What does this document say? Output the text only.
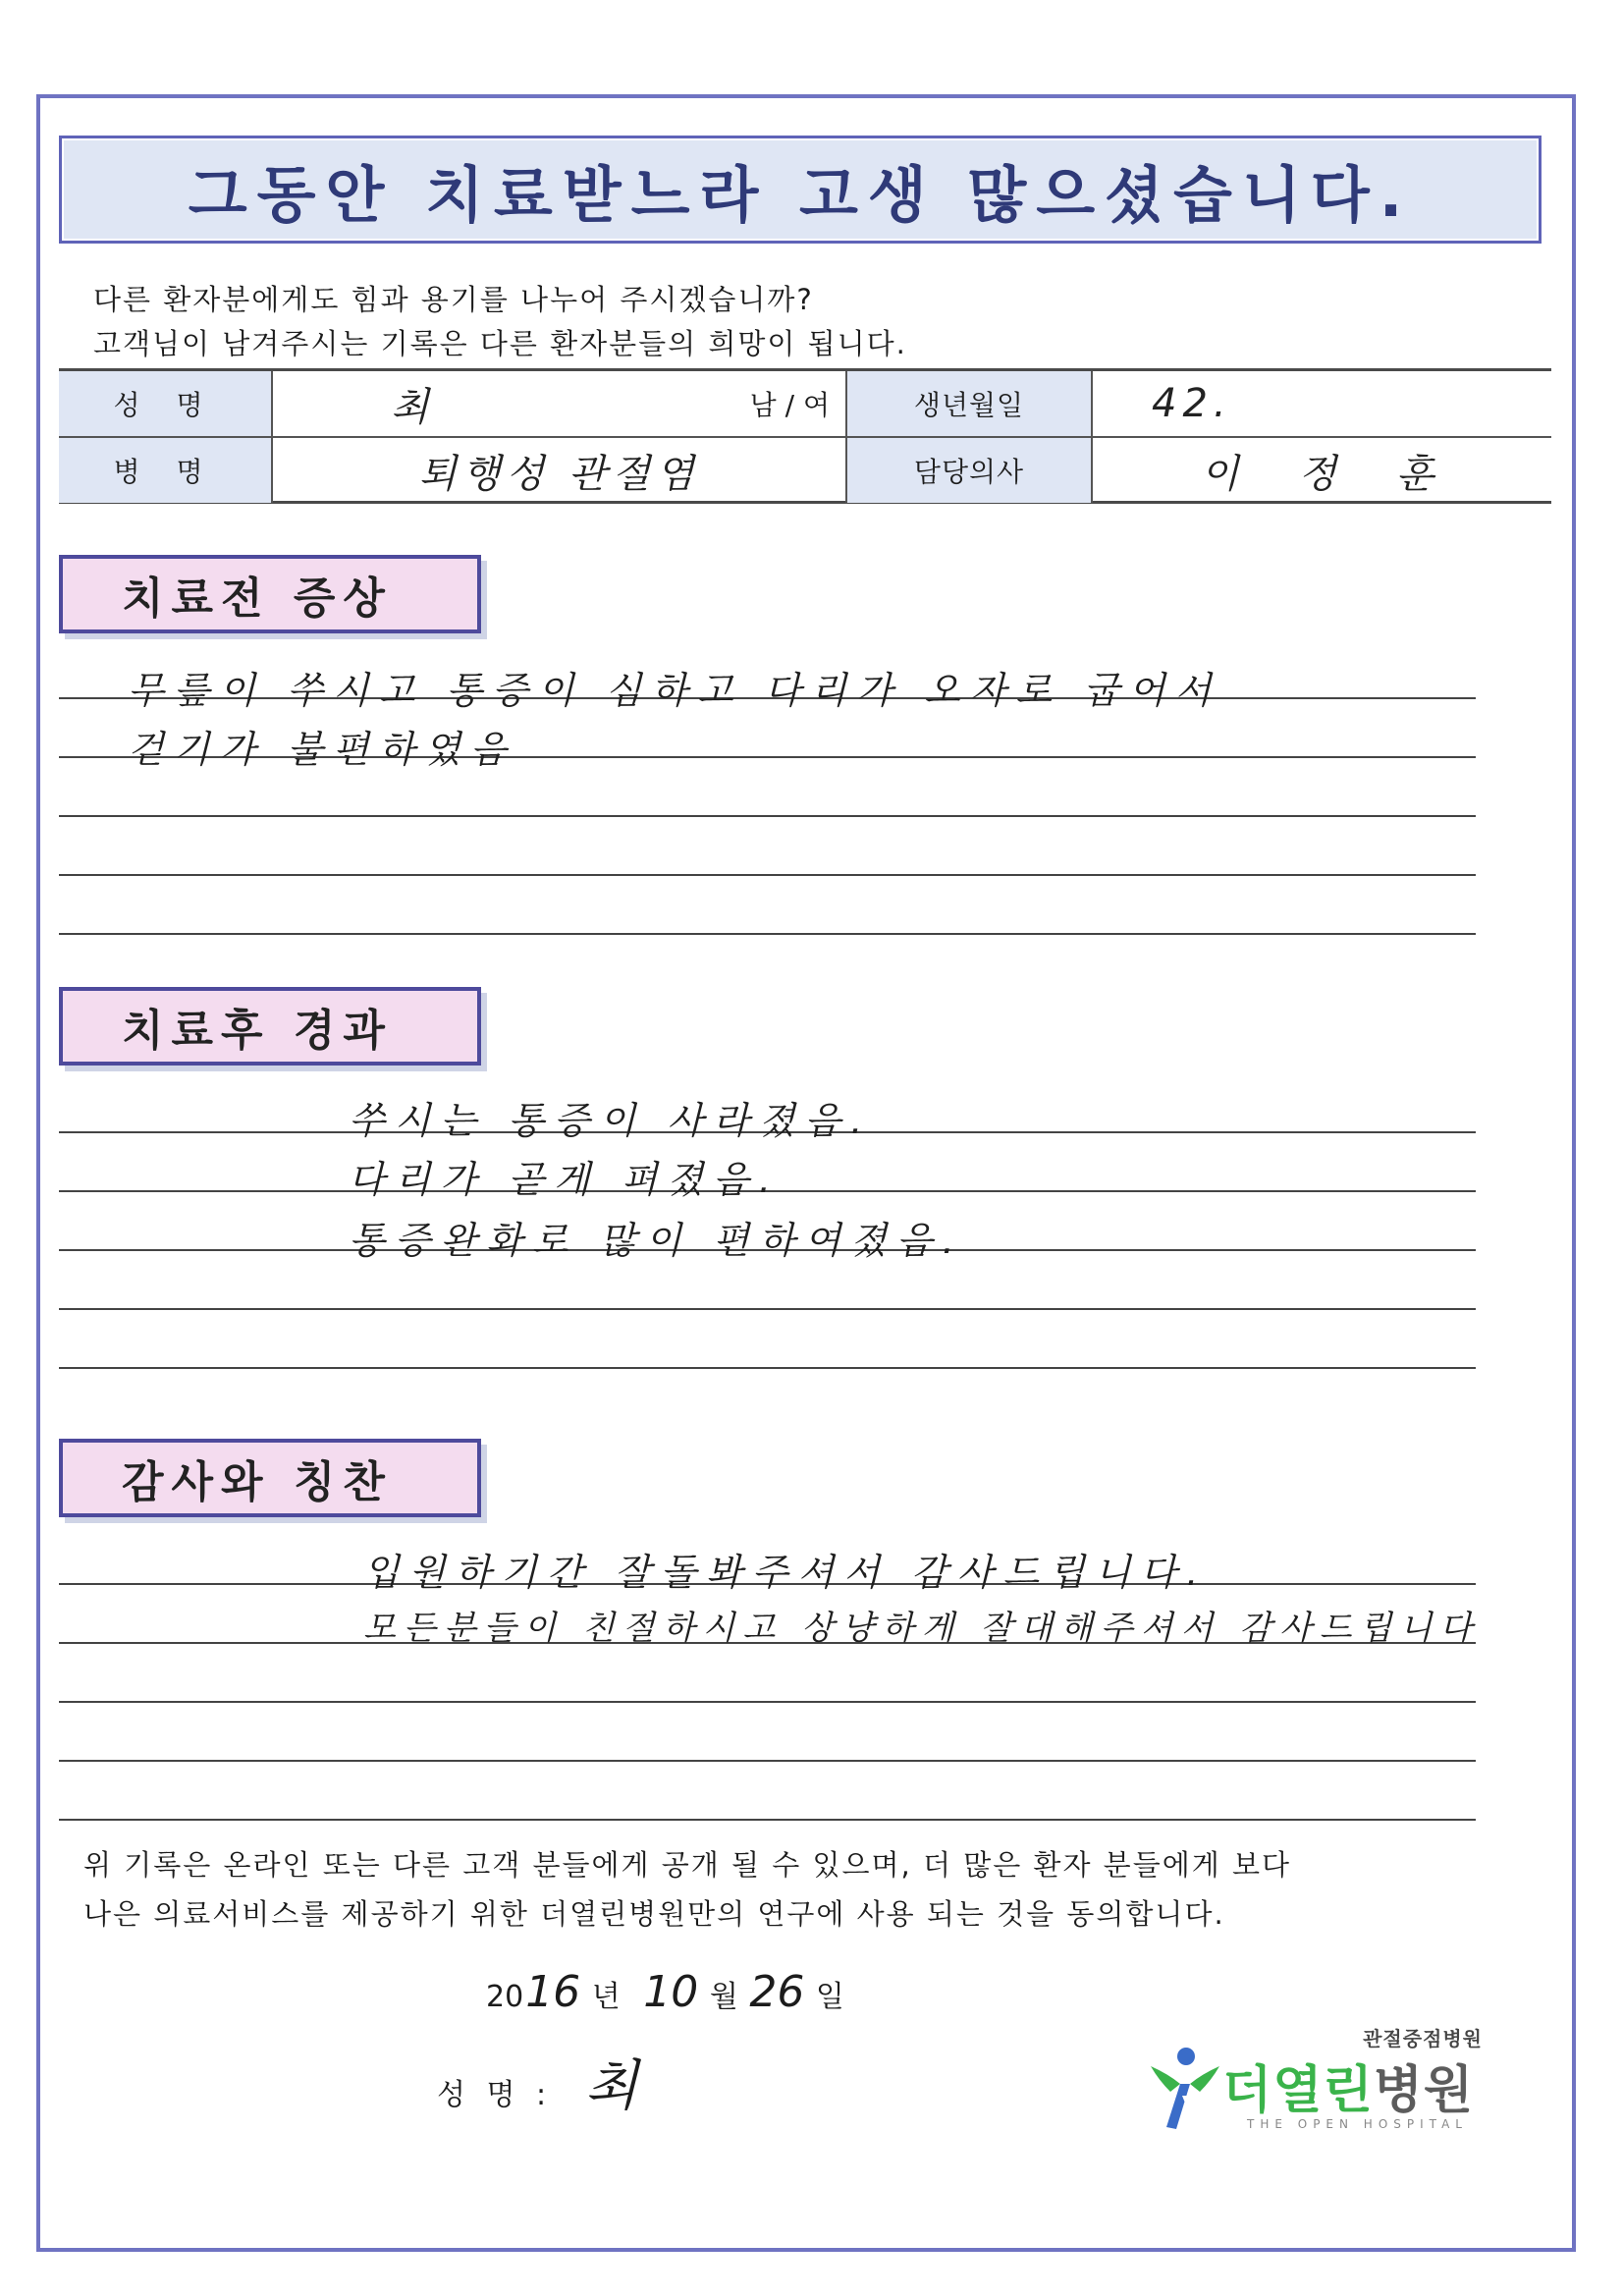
그동안 치료받느라 고생 많으셨습니다.
다른 환자분에게도 힘과 용기를 나누어 주시겠습니까?
고객님이 남겨주시는 기록은 다른 환자분들의 희망이 됩니다.
성 명	최	남 / 여	생년월일	42.
병 명	퇴행성 관절염	담당의사	이 정 훈
치료전 증상
무릎이 쑤시고 통증이 심하고 다리가 오자로 굽어서
걷기가 불편하였음
치료후 경과
쑤시는 통증이 사라졌음.
다리가 곧게 펴졌음.
통증완화로 많이 편하여졌음.
감사와 칭찬
입원하기간 잘돌봐주셔서 감사드립니다.
모든분들이 친절하시고 상냥하게 잘대해주셔서 감사드립니다
위 기록은 온라인 또는 다른 고객 분들에게 공개 될 수 있으며, 더 많은 환자 분들에게 보다
나은 의료서비스를 제공하기 위한 더열린병원만의 연구에 사용 되는 것을 동의합니다.
2016 년 10 월 26 일
성 명 : 최
관절중점병원
더열린병원
THE OPEN HOSPITAL
